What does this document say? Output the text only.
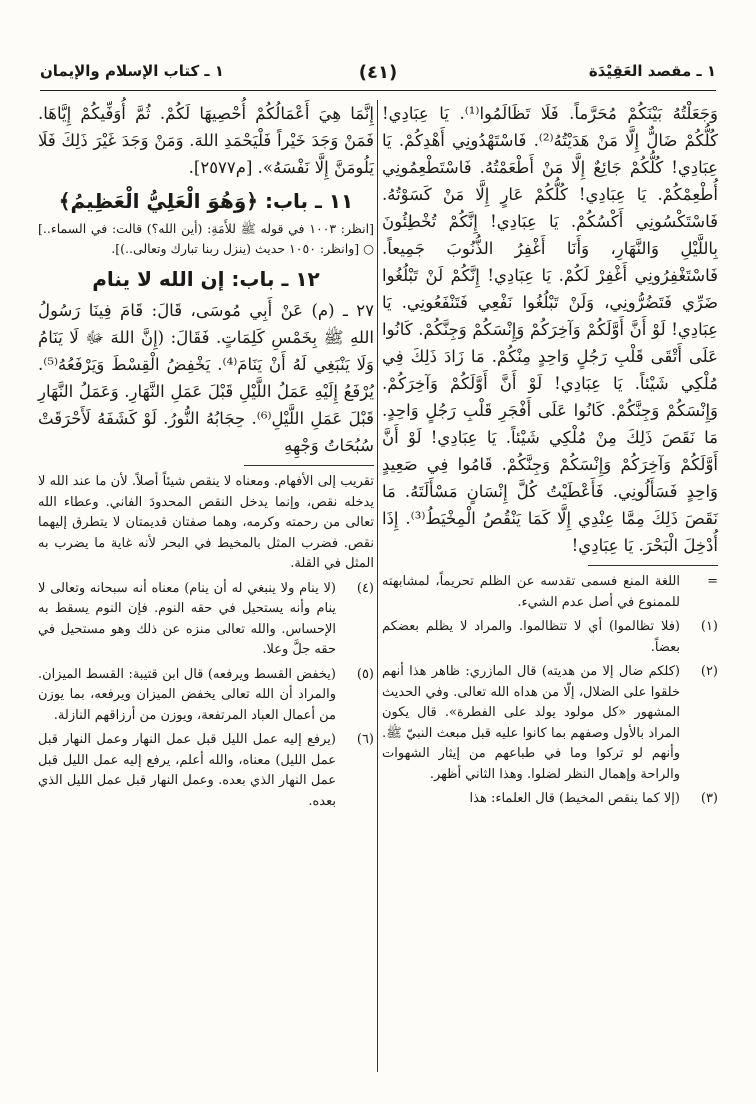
١ ـ مقصد العَقِيْدَة
(٤١)
١ ـ كتاب الإسلام والإيمان

وَجَعَلْتُهُ بَيْنَكُمْ مُحَرَّماً. فَلَا تَظَالَمُوا⁽¹⁾. يَا عِبَادِي! كُلُّكُمْ ضَالٌّ إِلَّا مَنْ هَدَيْتُهُ⁽²⁾. فَاسْتَهْدُونِي أَهْدِكُمْ. يَا عِبَادِي! كُلُّكُمْ جَائِعٌ إِلَّا مَنْ أَطْعَمْتُهُ. فَاسْتَطْعِمُونِي أُطْعِمْكُمْ. يَا عِبَادِي! كُلُّكُمْ عَارٍ إِلَّا مَنْ كَسَوْتُهُ. فَاسْتَكْسُونِي أَكْسُكُمْ. يَا عِبَادِي! إِنَّكُمْ تُخْطِئُونَ بِاللَّيْلِ وَالنَّهَارِ، وَأَنَا أَغْفِرُ الذُّنُوبَ جَمِيعاً. فَاسْتَغْفِرُونِي أَغْفِرْ لَكُمْ. يَا عِبَادِي! إِنَّكُمْ لَنْ تَبْلُغُوا ضَرِّي فَتَضُرُّونِي، وَلَنْ تَبْلُغُوا نَفْعِي فَتَنْفَعُونِي. يَا عِبَادِي! لَوْ أَنَّ أَوَّلَكُمْ وَآخِرَكُمْ وَإِنْسَكُمْ وَجِنَّكُمْ. كَانُوا عَلَى أَتْقَى قَلْبِ رَجُلٍ وَاحِدٍ مِنْكُمْ. مَا زَادَ ذَلِكَ فِي مُلْكِي شَيْئاً. يَا عِبَادِي! لَوْ أَنَّ أَوَّلَكُمْ وَآخِرَكُمْ. وَإِنْسَكُمْ وَجِنَّكُمْ. كَانُوا عَلَى أَفْجَرِ قَلْبِ رَجُلٍ وَاحِدٍ. مَا نَقَصَ ذَلِكَ مِنْ مُلْكِي شَيْئاً. يَا عِبَادِي! لَوْ أَنَّ أَوَّلَكُمْ وَآخِرَكُمْ وَإِنْسَكُمْ وَجِنَّكُمْ. قَامُوا فِي صَعِيدٍ وَاحِدٍ فَسَأَلُونِي. فَأَعْطَيْتُ كُلَّ إِنْسَانٍ مَسْأَلَتَهُ. مَا نَقَصَ ذَلِكَ مِمَّا عِنْدِي إِلَّا كَمَا يَنْقُصُ الْمِخْيَطُ⁽³⁾. إِذَا أُدْخِلَ الْبَحْرَ. يَا عِبَادِي!

=
اللغة المنع فسمى تقدسه عن الظلم تحريماً، لمشابهته للممنوع في أصل عدم الشيء.
(١)
(فلا تظالموا) أي لا تتظالموا. والمراد لا يظلم بعضكم بعضاً.
(٢)
(كلكم ضال إلا من هديته) قال المازري: ظاهر هذا أنهم خلقوا على الضلال، إلّا من هداه الله تعالى. وفي الحديث المشهور «كل مولود يولد على الفطرة». قال يكون المراد بالأول وصفهم بما كانوا عليه قبل مبعث النبيّ ﷺ. وأنهم لو تركوا وما في طباعهم من إيثار الشهوات والراحة وإهمال النظر لضلوا. وهذا الثاني أظهر.
(٣)
(إلا كما ينقص المخيط) قال العلماء: هذا

إِنَّمَا هِيَ أَعْمَالُكُمْ أُحْصِيهَا لَكُمْ. ثُمَّ أُوَفِّيكُمْ إِيَّاهَا. فَمَنْ وَجَدَ خَيْراً فَلْيَحْمَدِ اللهَ. وَمَنْ وَجَدَ غَيْرَ ذَلِكَ فَلَا يَلُومَنَّ إِلَّا نَفْسَهُ». [م٢٥٧٧].

١١ ـ باب: ﴿وَهُوَ الْعَلِيُّ الْعَظِيمُ﴾

[انظر: ١٠٠٣ في قوله ﷺ للأَمَةِ: (أين الله؟) قالت: في السماء..] ○ [وانظر: ١٠٥٠ حديث (ينزل ربنا تبارك وتعالى..)].

١٢ ـ باب: إن الله لا ينام

٢٧ ـ (م) عَنْ أَبِي مُوسَى، قَالَ: قَامَ فِينَا رَسُولُ اللهِ ﷺ بِخَمْسِ كَلِمَاتٍ. فَقَالَ: (إِنَّ اللهَ ﷻ لَا يَنَامُ وَلَا يَنْبَغِي لَهُ أَنْ يَنَامَ⁽⁴⁾. يَخْفِضُ الْقِسْطَ وَيَرْفَعُهُ⁽⁵⁾. يُرْفَعُ إِلَيْهِ عَمَلُ اللَّيْلِ قَبْلَ عَمَلِ النَّهَارِ. وَعَمَلُ النَّهَارِ قَبْلَ عَمَلِ اللَّيْلِ⁽⁶⁾. حِجَابُهُ النُّورُ. لَوْ كَشَفَهُ لَأَحْرَقَتْ سُبُحَاتُ وَجْهِهِ

تقريب إلى الأفهام. ومعناه لا ينقص شيئاً أصلاً. لأن ما عند الله لا يدخله نقص، وإنما يدخل النقص المحدودَ الفاني. وعطاء الله تعالى من رحمته وكرمه، وهما صفتان قديمتان لا يتطرق إليهما نقص. فضرب المثل بالمخيط في البحر لأنه غاية ما يضرب به المثل في القلة.

(٤)
(لا ينام ولا ينبغي له أن ينام) معناه أنه سبحانه وتعالى لا ينام وأنه يستحيل في حقه النوم. فإن النوم يسقط به الإحساس. والله تعالى منزه عن ذلك وهو مستحيل في حقه جلَّ وعلا.
(٥)
(يخفض القسط ويرفعه) قال ابن قتيبة: القسط الميزان. والمراد أن الله تعالى يخفض الميزان ويرفعه، بما يوزن من أعمال العباد المرتفعة، ويوزن من أرزاقهم النازلة.
(٦)
(يرفع إليه عمل الليل قبل عمل النهار وعمل النهار قبل عمل الليل) معناه، والله أعلم، يرفع إليه عمل الليل قبل عمل النهار الذي بعده. وعمل النهار قبل عمل الليل الذي بعده.
